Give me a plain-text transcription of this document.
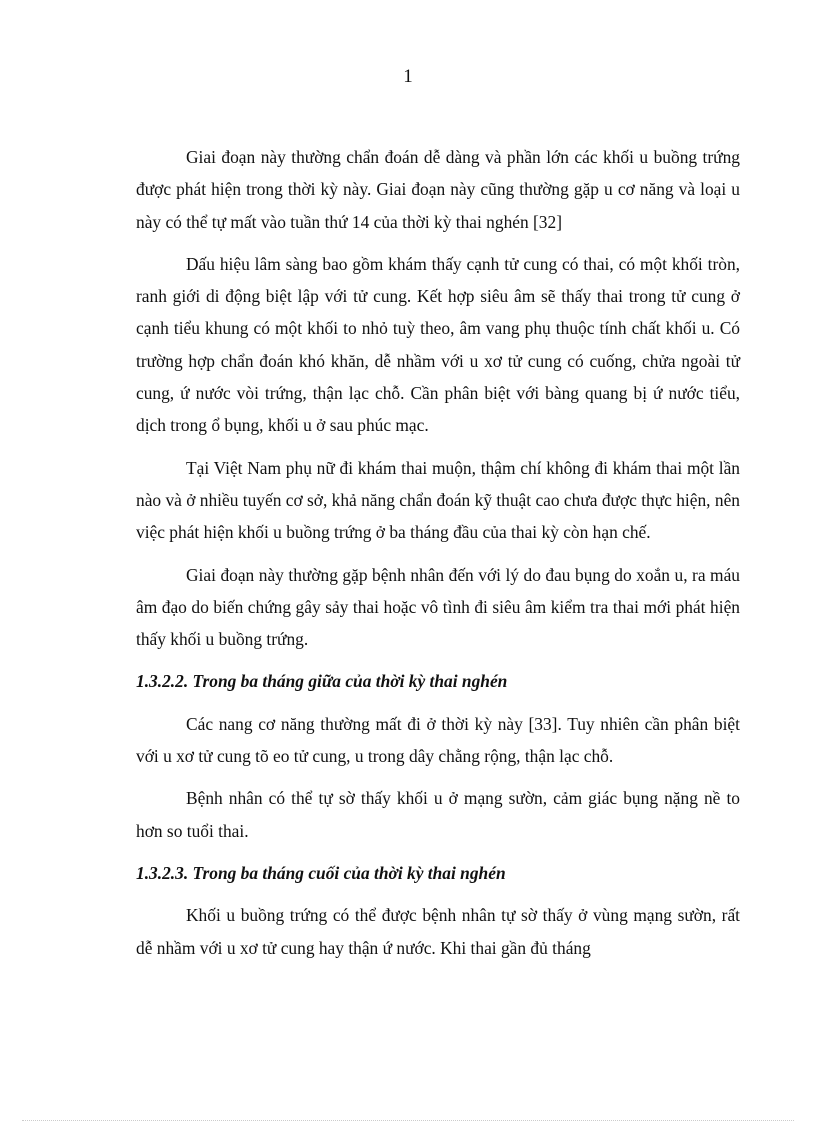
1

Giai đoạn này thường chẩn đoán dễ dàng và phần lớn các khối u buồng trứng được phát hiện trong thời kỳ này. Giai đoạn này cũng thường gặp u cơ năng và loại u này có thể tự mất vào tuần thứ 14 của thời kỳ thai nghén [32]

Dấu hiệu lâm sàng bao gồm khám thấy cạnh tử cung có thai, có một khối tròn, ranh giới di động biệt lập với tử cung. Kết hợp siêu âm sẽ thấy thai trong tử cung ở cạnh tiểu khung có một khối to nhỏ tuỳ theo, âm vang phụ thuộc tính chất khối u. Có trường hợp chẩn đoán khó khăn, dễ nhầm với u xơ tử cung có cuống, chửa ngoài tử cung, ứ nước vòi trứng, thận lạc chỗ. Cần phân biệt với bàng quang bị ứ nước tiểu, dịch trong ổ bụng, khối u ở sau phúc mạc.

Tại Việt Nam phụ nữ đi khám thai muộn, thậm chí không đi khám thai một lần nào và ở nhiều tuyến cơ sở, khả năng chẩn đoán kỹ thuật cao chưa được thực hiện, nên việc phát hiện khối u buồng trứng ở ba tháng đầu của thai kỳ còn hạn chế.

Giai đoạn này thường gặp bệnh nhân đến với lý do đau bụng do xoắn u, ra máu âm đạo do biến chứng gây sảy thai hoặc vô tình đi siêu âm kiểm tra thai mới phát hiện thấy khối u buồng trứng.

1.3.2.2. Trong ba tháng giữa của thời kỳ thai nghén

Các nang cơ năng thường mất đi ở thời kỳ này [33]. Tuy nhiên cần phân biệt với u xơ tử cung tõ eo tử cung, u trong dây chằng rộng, thận lạc chỗ.

Bệnh nhân có thể tự sờ thấy khối u ở mạng sườn, cảm giác bụng nặng nề to hơn so tuổi thai.

1.3.2.3. Trong ba tháng cuối của thời kỳ thai nghén

Khối u buồng trứng có thể được bệnh nhân tự sờ thấy ở vùng mạng sườn, rất dễ nhầm với u xơ tử cung hay thận ứ nước. Khi thai gần đủ tháng
